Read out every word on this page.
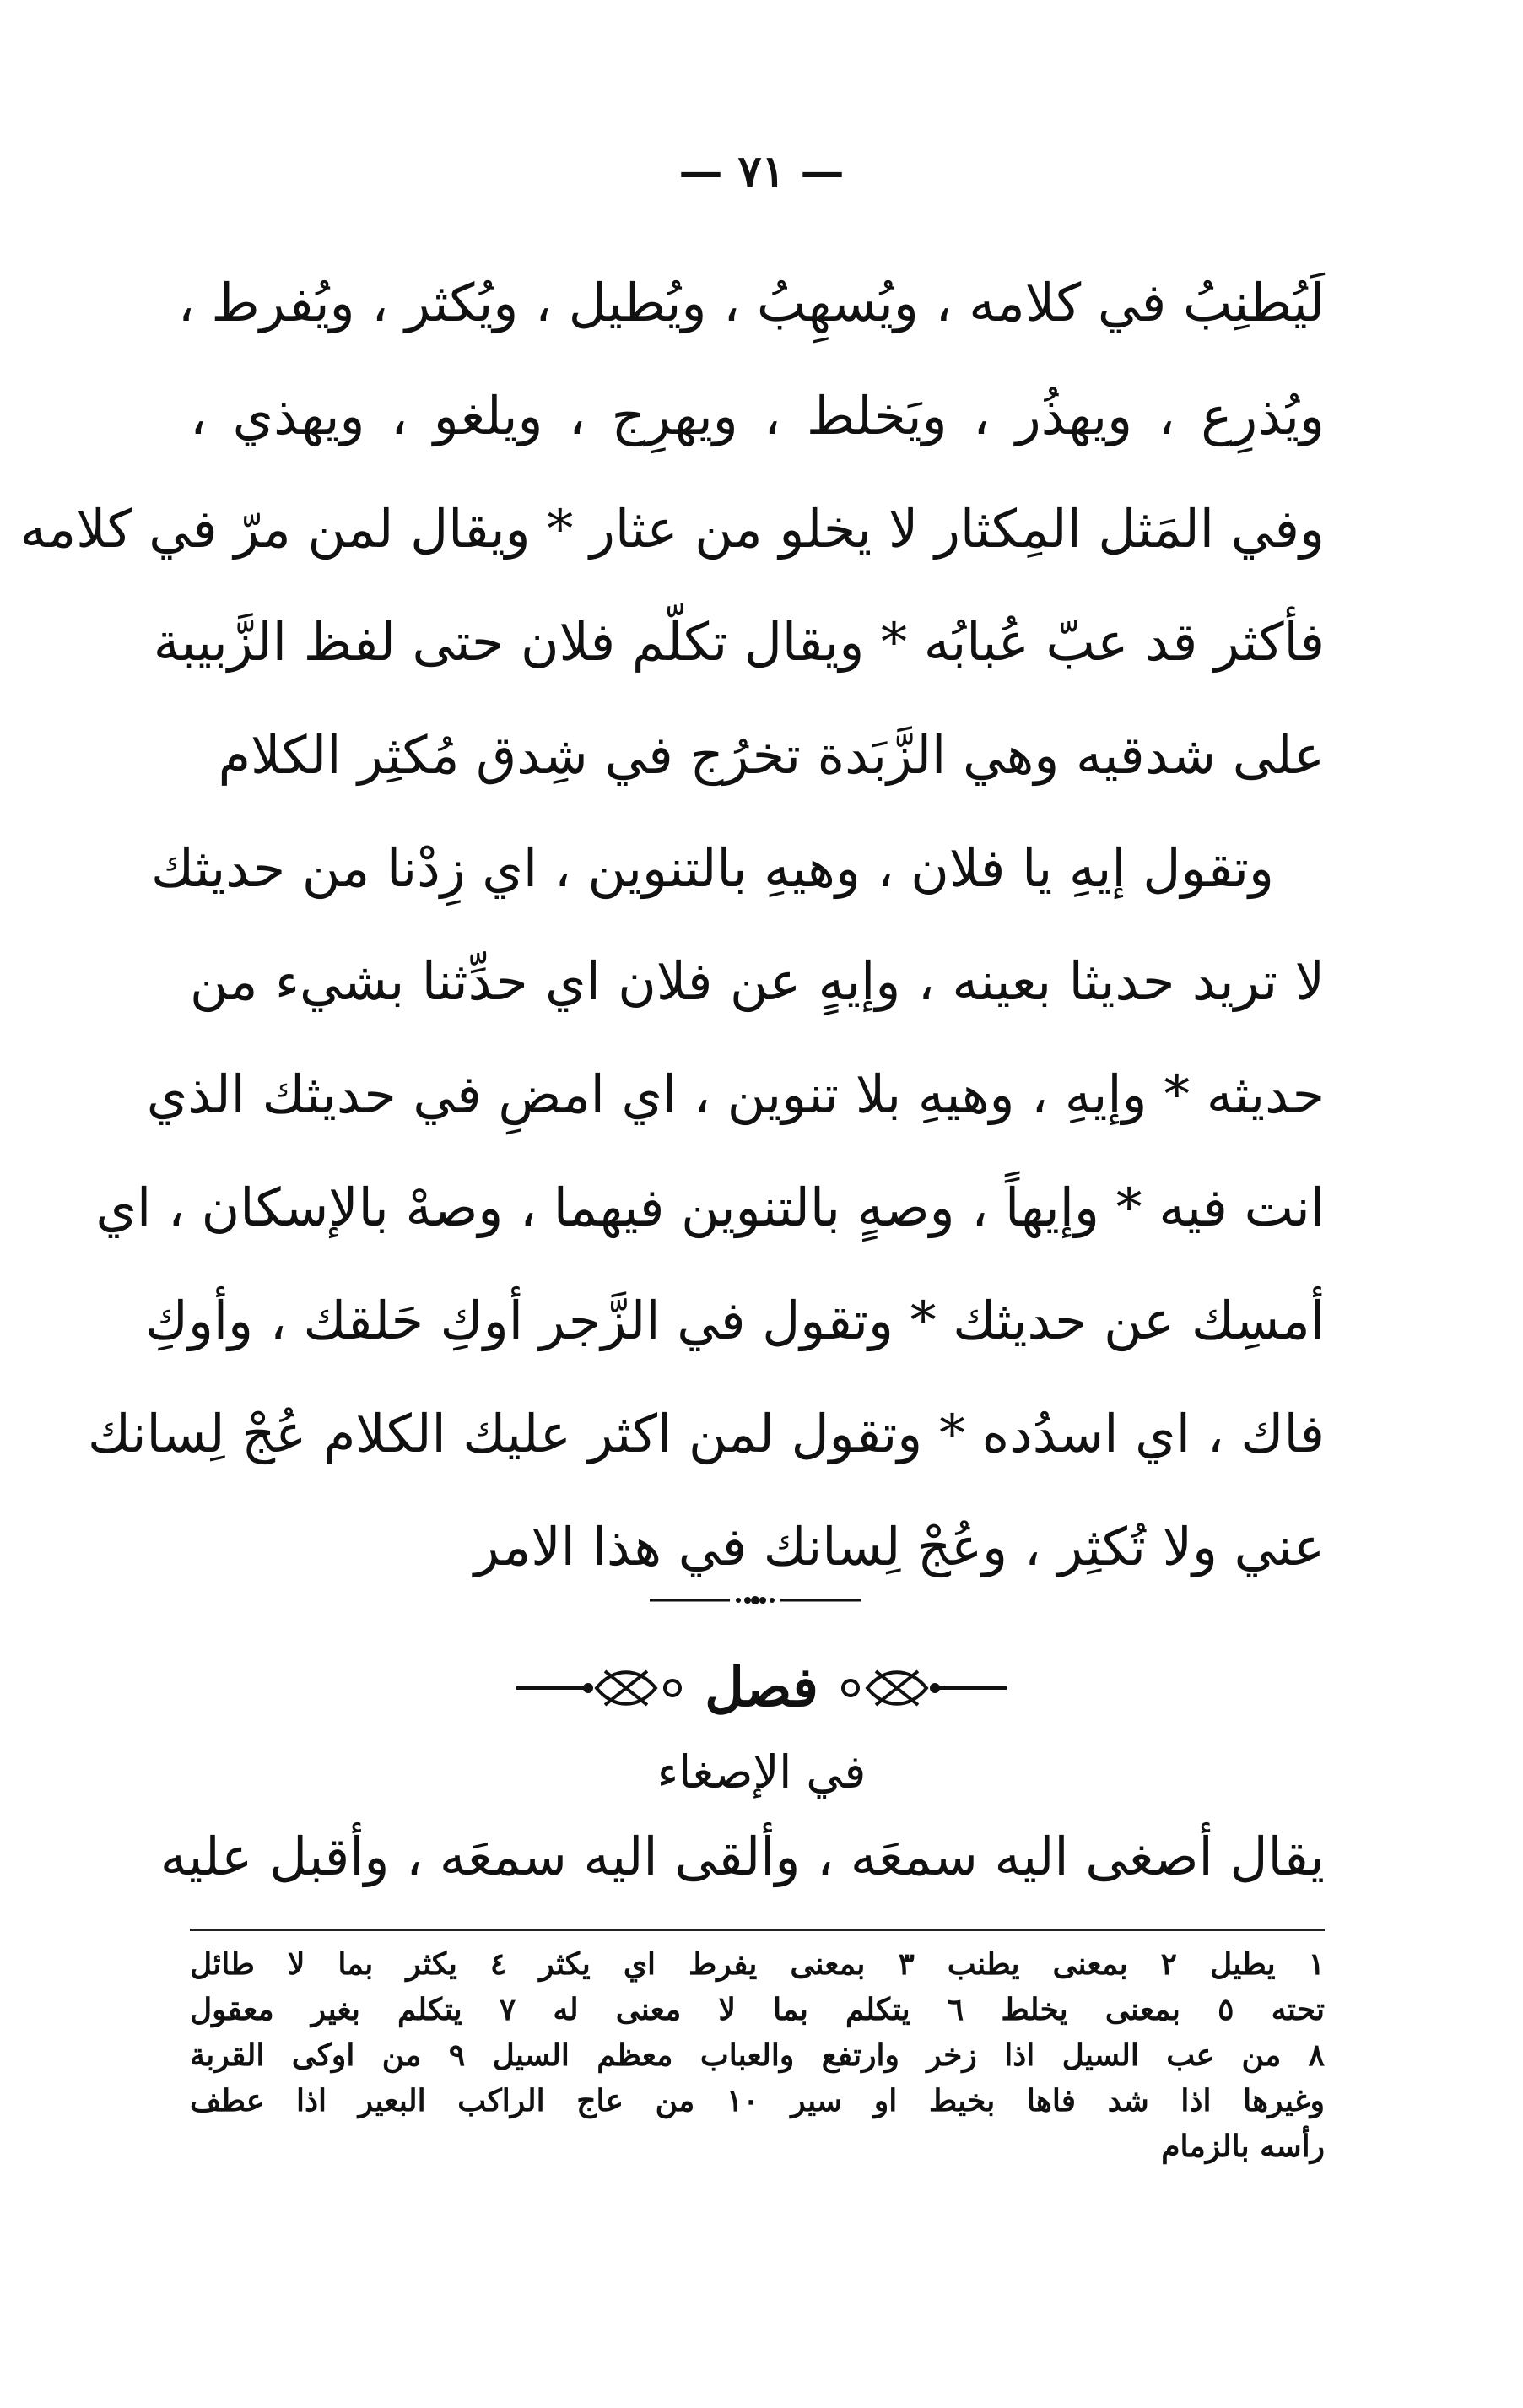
— ٧١ —
لَيُطنِبُ في كلامه ، ويُسهِبُ ، ويُطيل ، ويُكثر ، ويُفرط ،
ويُذرِع ، ويهذُر ، ويَخلط ، ويهرِج ، ويلغو ، ويهذي ،
وفي المَثل المِكثار لا يخلو من عثار * ويقال لمن مرّ في كلامه
فأكثر قد عبّ عُبابُه * ويقال تكلّم فلان حتى لفظ الزَّبيبة
على شدقيه وهي الزَّبَدة تخرُج في شِدق مُكثِر الكلام
وتقول إيهِ يا فلان ، وهيهِ بالتنوين ، اي زِدْنا من حديثك
لا تريد حديثا بعينه ، وإيهٍ عن فلان اي حدِّثنا بشيء من
حديثه * وإيهِ ، وهيهِ بلا تنوين ، اي امضِ في حديثك الذي
انت فيه * وإيهاً ، وصهٍ بالتنوين فيهما ، وصهْ بالإسكان ، اي
أمسِك عن حديثك * وتقول في الزَّجر أوكِ حَلقك ، وأوكِ
فاك ، اي اسدُده * وتقول لمن اكثر عليك الكلام عُجْ لِسانك
عني ولا تُكثِر ، وعُجْ لِسانك في هذا الامر
فصل
في الإصغاء
يقال أصغى اليه سمعَه ، وألقى اليه سمعَه ، وأقبل عليه
١ يطيل ٢ بمعنى يطنب ٣ بمعنى يفرط اي يكثر ٤ يكثر بما لا طائل
تحته ٥ بمعنى يخلط ٦ يتكلم بما لا معنى له ٧ يتكلم بغير معقول
٨ من عب السيل اذا زخر وارتفع والعباب معظم السيل ٩ من اوكى القربة
وغيرها اذا شد فاها بخيط او سير ١٠ من عاج الراكب البعير اذا عطف
رأسه بالزمام
